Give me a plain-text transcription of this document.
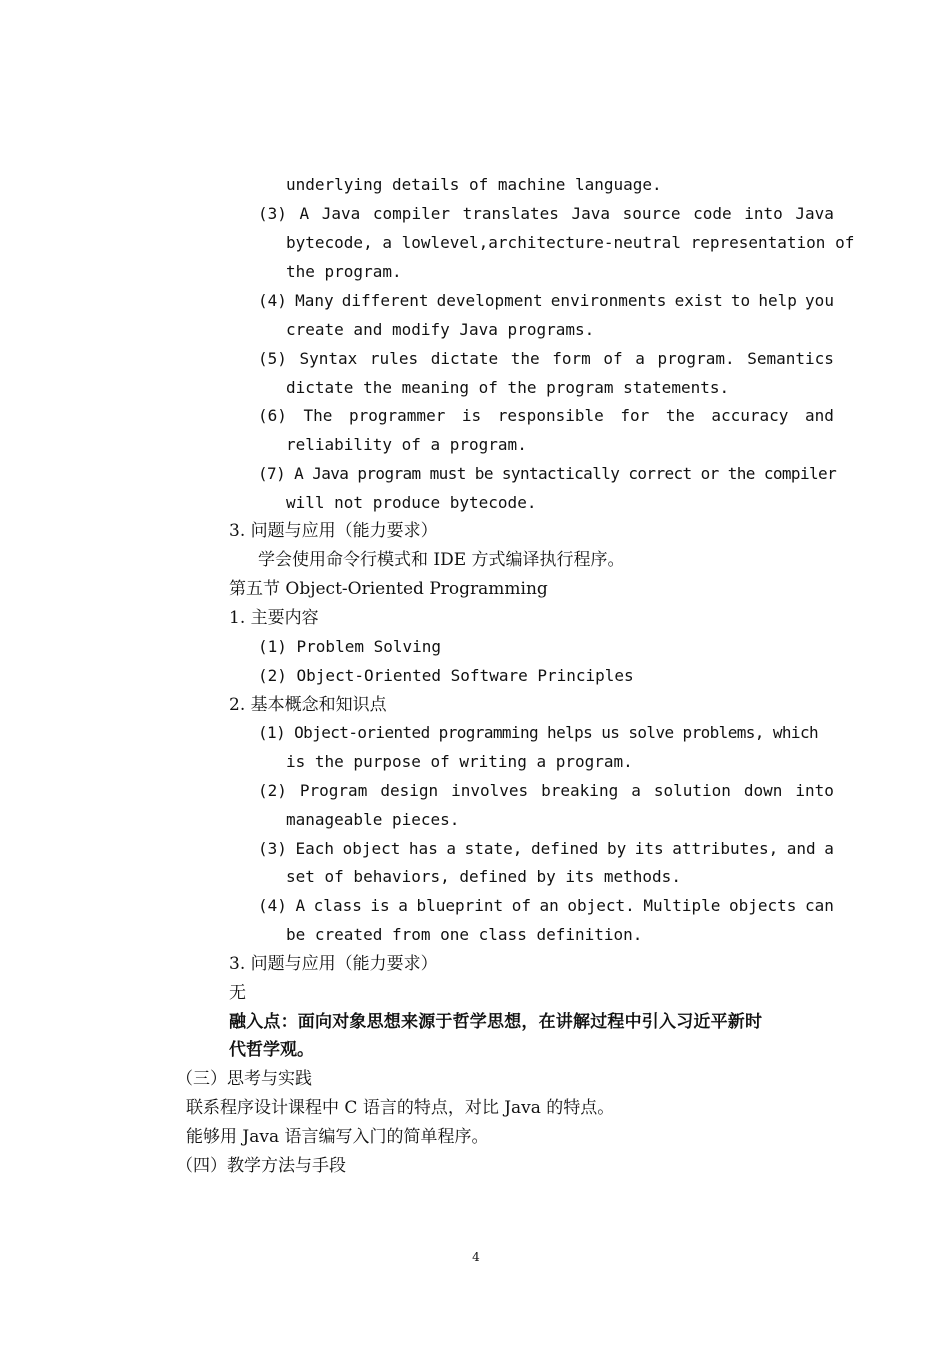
underlying details of machine language.
(3) A Java compiler translates Java source code into Java
bytecode, a lowlevel,architecture-neutral representation of
the program.
(4) Many different development environments exist to help you
create and modify Java programs.
(5) Syntax rules dictate the form of a program. Semantics
dictate the meaning of the program statements.
(6) The programmer is responsible for the accuracy and
reliability of a program.
(7) A Java program must be syntactically correct or the compiler
will not produce bytecode.
3. 问题与应用（能力要求）
学会使用命令行模式和 IDE 方式编译执行程序。
第五节 Object-Oriented Programming
1. 主要内容
(1) Problem Solving
(2) Object-Oriented Software Principles
2. 基本概念和知识点
(1) Object-oriented programming helps us solve problems, which
is the purpose of writing a program.
(2) Program design involves breaking a solution down into
manageable pieces.
(3) Each object has a state, defined by its attributes, and a
set of behaviors, defined by its methods.
(4) A class is a blueprint of an object. Multiple objects can
be created from one class definition.
3. 问题与应用（能力要求）
无
融入点：面向对象思想来源于哲学思想，在讲解过程中引入习近平新时
代哲学观。
（三）思考与实践
联系程序设计课程中 C 语言的特点，对比 Java 的特点。
能够用 Java 语言编写入门的简单程序。
（四）教学方法与手段
4
